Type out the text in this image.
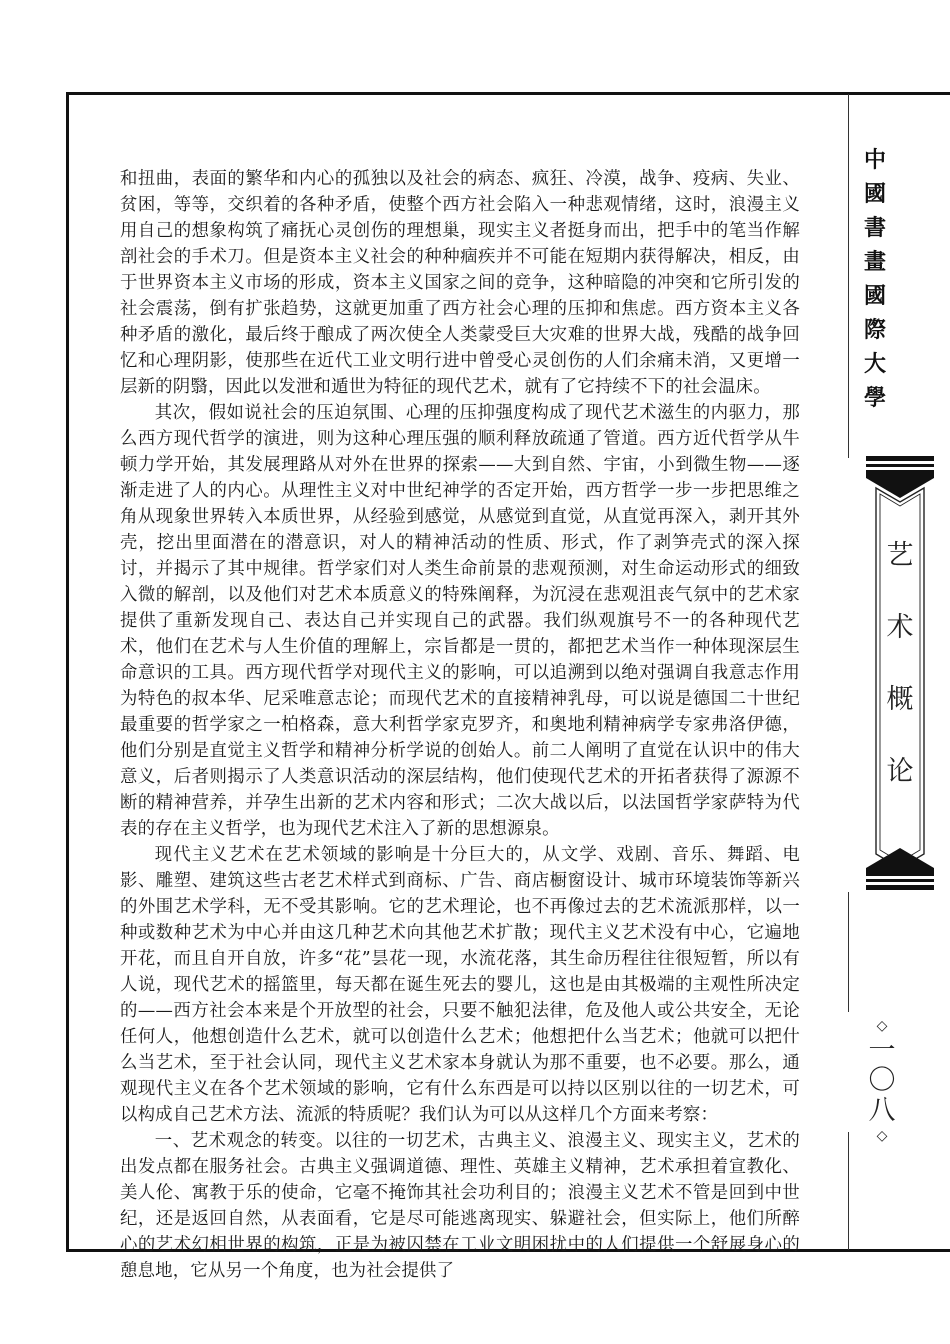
和扭曲，表面的繁华和内心的孤独以及社会的病态、疯狂、冷漠，战争、疫病、失业、贫困，等等，交织着的各种矛盾，使整个西方社会陷入一种悲观情绪，这时，浪漫主义用自己的想象构筑了痛抚心灵创伤的理想巢，现实主义者挺身而出，把手中的笔当作解剖社会的手术刀。但是资本主义社会的种种痼疾并不可能在短期内获得解决，相反，由于世界资本主义市场的形成，资本主义国家之间的竞争，这种暗隐的冲突和它所引发的社会震荡，倒有扩张趋势，这就更加重了西方社会心理的压抑和焦虑。西方资本主义各种矛盾的激化，最后终于酿成了两次使全人类蒙受巨大灾难的世界大战，残酷的战争回忆和心理阴影，使那些在近代工业文明行进中曾受心灵创伤的人们余痛未消，又更增一层新的阴翳，因此以发泄和遁世为特征的现代艺术，就有了它持续不下的社会温床。

其次，假如说社会的压迫氛围、心理的压抑强度构成了现代艺术滋生的内驱力，那么西方现代哲学的演进，则为这种心理压强的顺利释放疏通了管道。西方近代哲学从牛顿力学开始，其发展理路从对外在世界的探索——大到自然、宇宙，小到微生物——逐渐走进了人的内心。从理性主义对中世纪神学的否定开始，西方哲学一步一步把思维之角从现象世界转入本质世界，从经验到感觉，从感觉到直觉，从直觉再深入，剥开其外壳，挖出里面潜在的潜意识，对人的精神活动的性质、形式，作了剥笋壳式的深入探讨，并揭示了其中规律。哲学家们对人类生命前景的悲观预测，对生命运动形式的细致入微的解剖，以及他们对艺术本质意义的特殊阐释，为沉浸在悲观沮丧气氛中的艺术家提供了重新发现自己、表达自己并实现自己的武器。我们纵观旗号不一的各种现代艺术，他们在艺术与人生价值的理解上，宗旨都是一贯的，都把艺术当作一种体现深层生命意识的工具。西方现代哲学对现代主义的影响，可以追溯到以绝对强调自我意志作用为特色的叔本华、尼采唯意志论；而现代艺术的直接精神乳母，可以说是德国二十世纪最重要的哲学家之一柏格森，意大利哲学家克罗齐，和奥地利精神病学专家弗洛伊德，他们分别是直觉主义哲学和精神分析学说的创始人。前二人阐明了直觉在认识中的伟大意义，后者则揭示了人类意识活动的深层结构，他们使现代艺术的开拓者获得了源源不断的精神营养，并孕生出新的艺术内容和形式；二次大战以后，以法国哲学家萨特为代表的存在主义哲学，也为现代艺术注入了新的思想源泉。

现代主义艺术在艺术领域的影响是十分巨大的，从文学、戏剧、音乐、舞蹈、电影、雕塑、建筑这些古老艺术样式到商标、广告、商店橱窗设计、城市环境装饰等新兴的外围艺术学科，无不受其影响。它的艺术理论，也不再像过去的艺术流派那样，以一种或数种艺术为中心并由这几种艺术向其他艺术扩散；现代主义艺术没有中心，它遍地开花，而且自开自放，许多“花”昙花一现，水流花落，其生命历程往往很短暂，所以有人说，现代艺术的摇篮里，每天都在诞生死去的婴儿，这也是由其极端的主观性所决定的——西方社会本来是个开放型的社会，只要不触犯法律，危及他人或公共安全，无论任何人，他想创造什么艺术，就可以创造什么艺术；他想把什么当艺术；他就可以把什么当艺术，至于社会认同，现代主义艺术家本身就认为那不重要，也不必要。那么，通观现代主义在各个艺术领域的影响，它有什么东西是可以持以区别以往的一切艺术，可以构成自己艺术方法、流派的特质呢？我们认为可以从这样几个方面来考察：

一、艺术观念的转变。以往的一切艺术，古典主义、浪漫主义、现实主义，艺术的出发点都在服务社会。古典主义强调道德、理性、英雄主义精神，艺术承担着宣教化、美人伦、寓教于乐的使命，它毫不掩饰其社会功利目的；浪漫主义艺术不管是回到中世纪，还是返回自然，从表面看，它是尽可能逃离现实、躲避社会，但实际上，他们所醉心的艺术幻相世界的构筑，正是为被囚禁在工业文明困扰中的人们提供一个舒展身心的憩息地，它从另一个角度，也为社会提供了

中
國
書
畫
國
際
大
學
艺
术
概
论
◇
一
〇
八
◇
